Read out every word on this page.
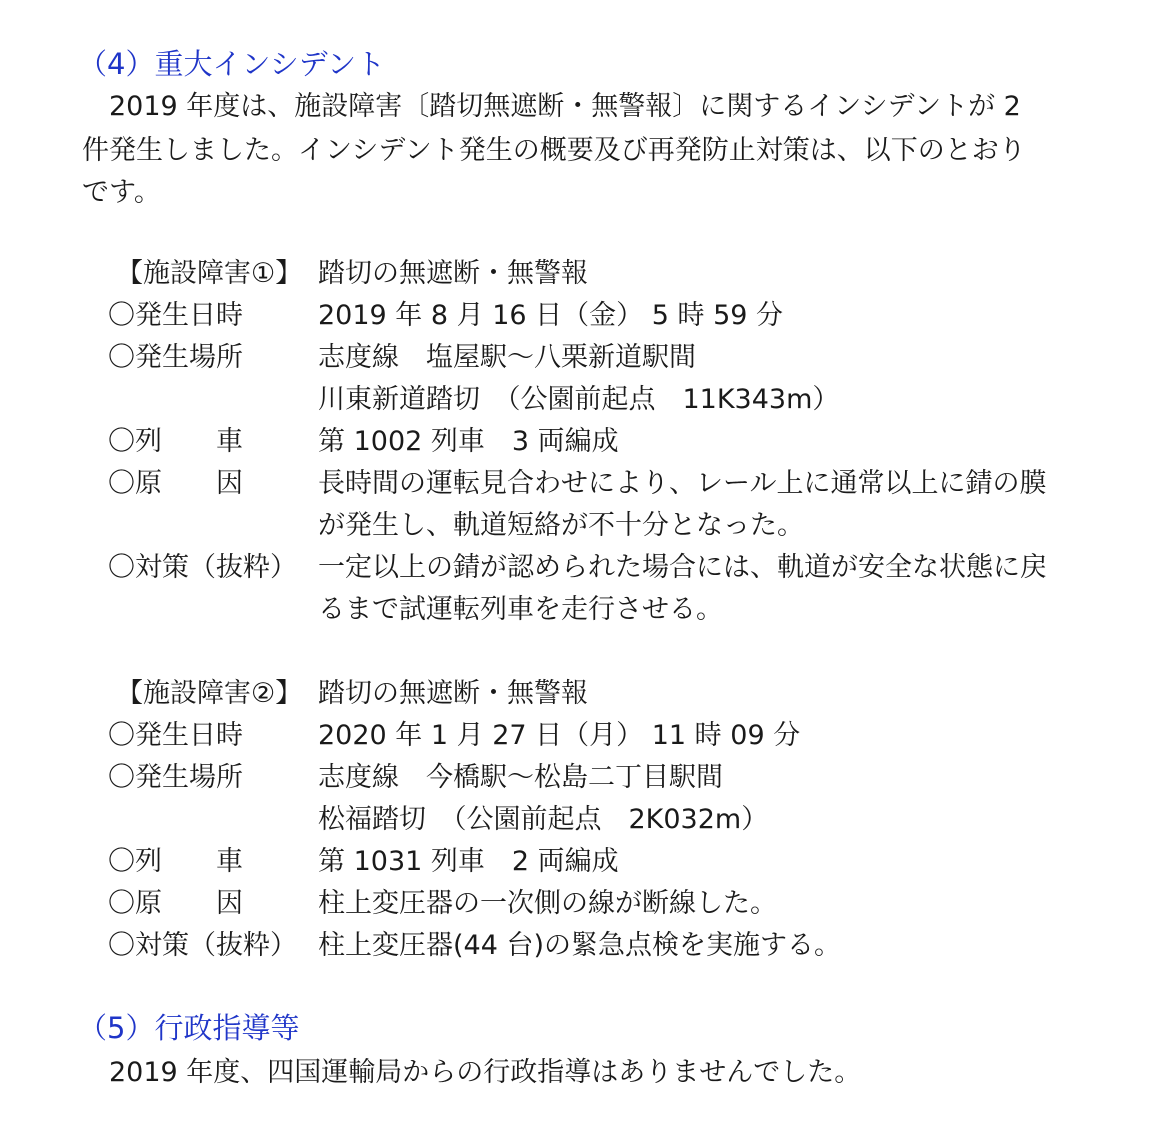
（4）重大インシデント
　2019 年度は、施設障害〔踏切無遮断・無警報〕に関するインシデントが 2
件発生しました。インシデント発生の概要及び再発防止対策は、以下のとおり
です。
【施設障害①】 踏切の無遮断・無警報
〇発生日時	2019 年 8 月 16 日（金） 5 時 59 分
〇発生場所	志度線　塩屋駅～八栗新道駅間
川東新道踏切　（公園前起点　11K343m）
〇列　　車	第 1002 列車　3 両編成
〇原　　因	長時間の運転見合わせにより、レール上に通常以上に錆の膜
が発生し、軌道短絡が不十分となった。
〇対策（抜粋） 一定以上の錆が認められた場合には、軌道が安全な状態に戻
るまで試運転列車を走行させる。
【施設障害②】 踏切の無遮断・無警報
〇発生日時	2020 年 1 月 27 日（月） 11 時 09 分
〇発生場所	志度線　今橋駅～松島二丁目駅間
松福踏切　（公園前起点　2K032m）
〇列　　車	第 1031 列車　2 両編成
〇原　　因	柱上変圧器の一次側の線が断線した。
〇対策（抜粋） 柱上変圧器(44 台)の緊急点検を実施する。
（5）行政指導等
　2019 年度、四国運輸局からの行政指導はありませんでした。
